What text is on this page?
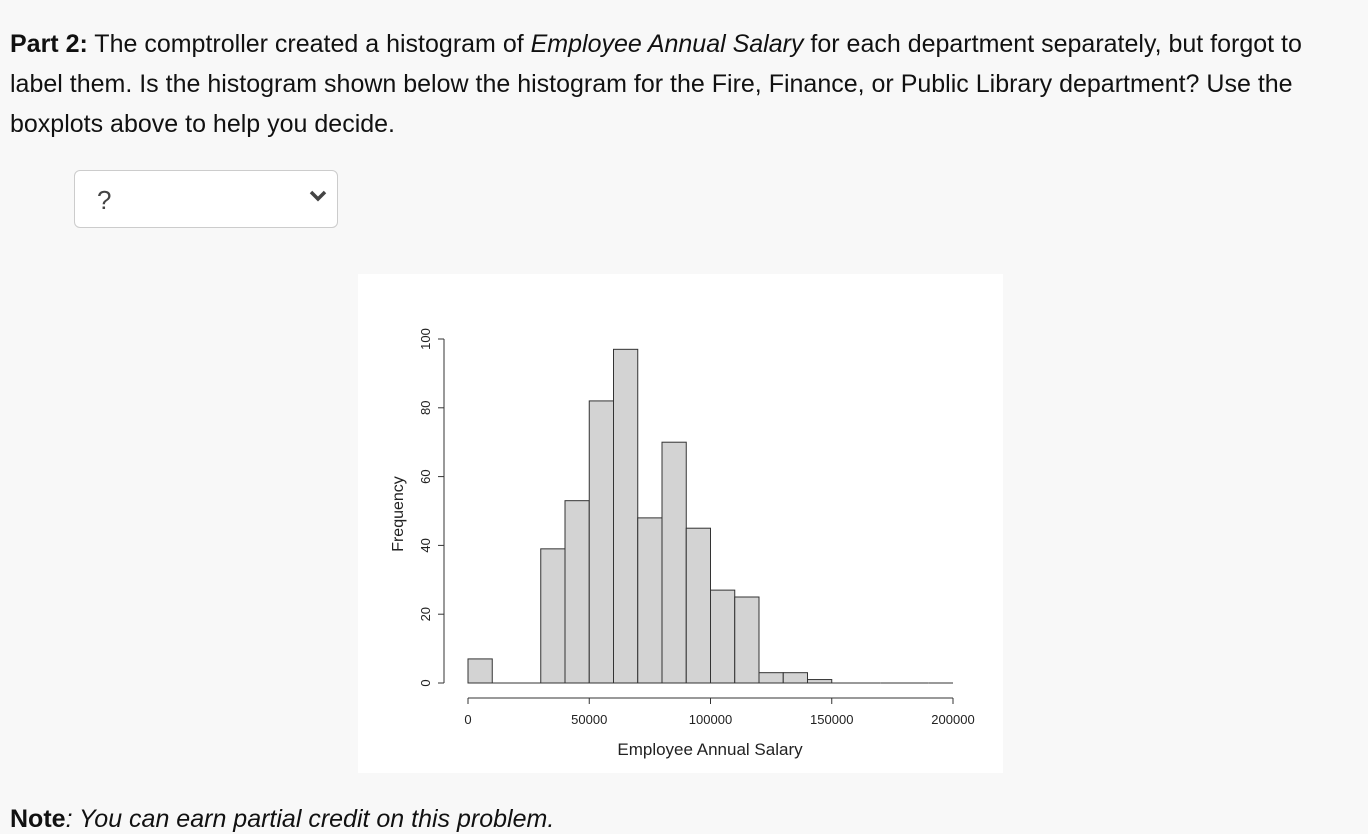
Part 2: The comptroller created a histogram of Employee Annual Salary for each department separately, but forgot to label them. Is the histogram shown below the histogram for the Fire, Finance, or Public Library department? Use the boxplots above to help you decide.
?
0
20
40
60
80
100
0	50000	100000	150000	200000
Employee Annual Salary
Frequency
Note: You can earn partial credit on this problem.
